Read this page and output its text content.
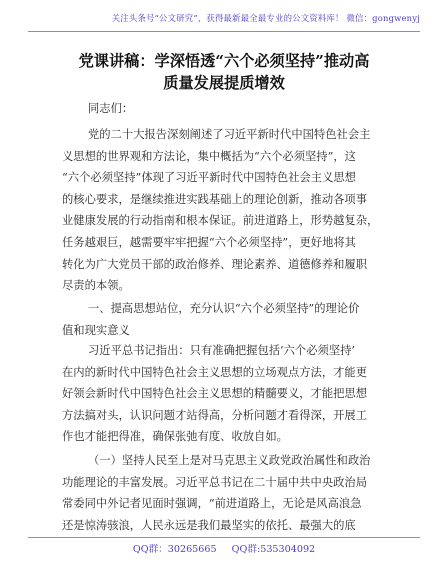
关注头条号“公文研究”，获得最新最全最专业的公文资料库！ 微信：gongwenyj
党课讲稿：学深悟透“六个必须坚持”推动高
质量发展提质增效

同志们：

党的二十大报告深刻阐述了习近平新时代中国特色社会主
义思想的世界观和方法论，集中概括为“六个必须坚持”，这
“六个必须坚持”体现了习近平新时代中国特色社会主义思想
的核心要求，是继续推进实践基础上的理论创新，推动各项事
业健康发展的行动指南和根本保证。前进道路上，形势越复杂，
任务越艰巨，越需要牢牢把握“六个必须坚持”，更好地将其
转化为广大党员干部的政治修养、理论素养、道德修养和履职
尽责的本领。

一、提高思想站位，充分认识“六个必须坚持”的理论价
值和现实意义

习近平总书记指出：只有准确把握包括‘六个必须坚持’
在内的新时代中国特色社会主义思想的立场观点方法，才能更
好领会新时代中国特色社会主义思想的精髓要义，才能把思想
方法搞对头，认识问题才站得高，分析问题才看得深，开展工
作也才能把得准，确保张弛有度、收放自如。

（一）坚持人民至上是对马克思主义政党政治属性和政治
功能理论的丰富发展。习近平总书记在二十届中共中央政治局
常委同中外记者见面时强调，“前进道路上，无论是风高浪急
还是惊涛骇浪，人民永远是我们最坚实的依托、最强大的底

QQ群：30265665 QQ群:535304092
